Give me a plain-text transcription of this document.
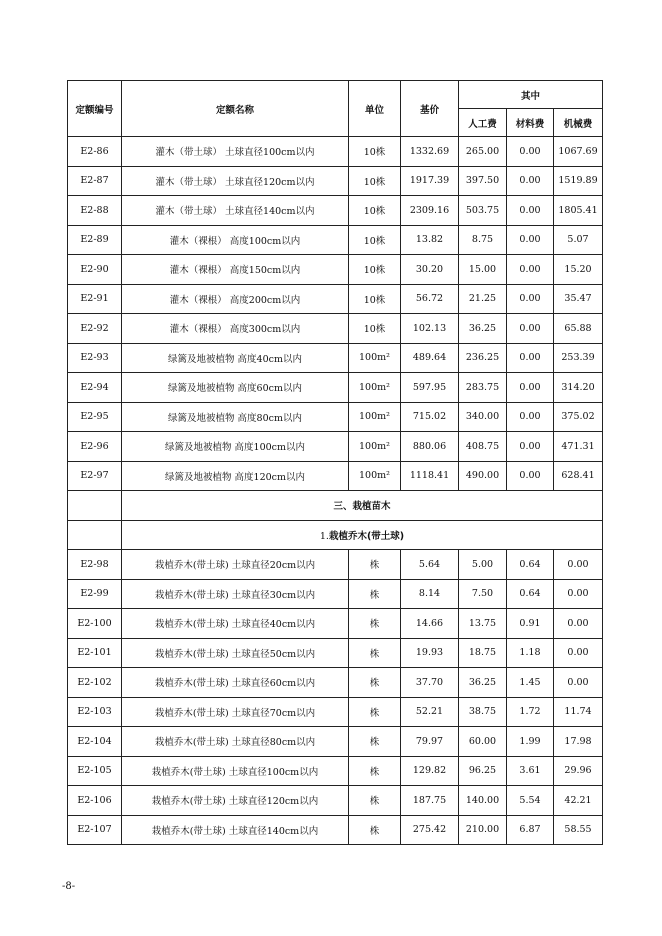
定额编号	定额名称	单位	基价	其中		
				人工费	材料费	机械费
E2-86	灌木（带土球） 土球直径100cm以内	10株	1332.69	265.00	0.00	1067.69
E2-87	灌木（带土球） 土球直径120cm以内	10株	1917.39	397.50	0.00	1519.89
E2-88	灌木（带土球） 土球直径140cm以内	10株	2309.16	503.75	0.00	1805.41
E2-89	灌木（裸根） 高度100cm以内	10株	13.82	8.75	0.00	5.07
E2-90	灌木（裸根） 高度150cm以内	10株	30.20	15.00	0.00	15.20
E2-91	灌木（裸根） 高度200cm以内	10株	56.72	21.25	0.00	35.47
E2-92	灌木（裸根） 高度300cm以内	10株	102.13	36.25	0.00	65.88
E2-93	绿篱及地被植物 高度40cm以内	100m²	489.64	236.25	0.00	253.39
E2-94	绿篱及地被植物 高度60cm以内	100m²	597.95	283.75	0.00	314.20
E2-95	绿篱及地被植物 高度80cm以内	100m²	715.02	340.00	0.00	375.02
E2-96	绿篱及地被植物 高度100cm以内	100m²	880.06	408.75	0.00	471.31
E2-97	绿篱及地被植物 高度120cm以内	100m²	1118.41	490.00	0.00	628.41
	三、栽植苗木					
	1.栽植乔木(带土球)					
E2-98	栽植乔木(带土球) 土球直径20cm以内	株	5.64	5.00	0.64	0.00
E2-99	栽植乔木(带土球) 土球直径30cm以内	株	8.14	7.50	0.64	0.00
E2-100	栽植乔木(带土球) 土球直径40cm以内	株	14.66	13.75	0.91	0.00
E2-101	栽植乔木(带土球) 土球直径50cm以内	株	19.93	18.75	1.18	0.00
E2-102	栽植乔木(带土球) 土球直径60cm以内	株	37.70	36.25	1.45	0.00
E2-103	栽植乔木(带土球) 土球直径70cm以内	株	52.21	38.75	1.72	11.74
E2-104	栽植乔木(带土球) 土球直径80cm以内	株	79.97	60.00	1.99	17.98
E2-105	栽植乔木(带土球) 土球直径100cm以内	株	129.82	96.25	3.61	29.96
E2-106	栽植乔木(带土球) 土球直径120cm以内	株	187.75	140.00	5.54	42.21
E2-107	栽植乔木(带土球) 土球直径140cm以内	株	275.42	210.00	6.87	58.55
-8-
